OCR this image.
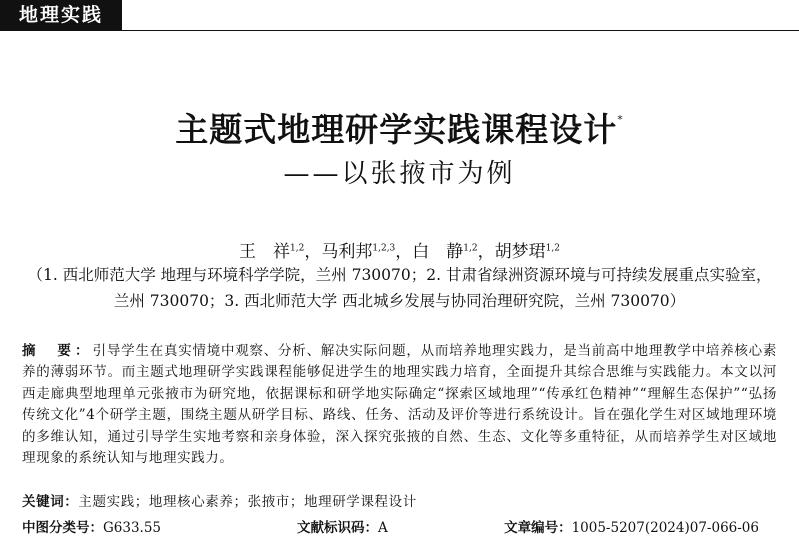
地理实践
主题式地理研学实践课程设计*
——以张掖市为例
王　祥$^{1,2}$，马利邦$^{1,2,3}$，白　静$^{1,2}$，胡梦珺$^{1,2}$
（1. 西北师范大学 地理与环境科学学院，兰州 730070；2. 甘肃省绿洲资源环境与可持续发展重点实验室，
兰州 730070；3. 西北师范大学 西北城乡发展与协同治理研究院，兰州 730070）
摘　要：引导学生在真实情境中观察、分析、解决实际问题，从而培养地理实践力，是当前高中地理教学中培养核心素养的薄弱环节。而主题式地理研学实践课程能够促进学生的地理实践力培育，全面提升其综合思维与实践能力。本文以河西走廊典型地理单元张掖市为研究地，依据课标和研学地实际确定“探索区域地理”“传承红色精神”“理解生态保护”“弘扬传统文化”4个研学主题，围绕主题从研学目标、路线、任务、活动及评价等进行系统设计。旨在强化学生对区域地理环境的多维认知，通过引导学生实地考察和亲身体验，深入探究张掖的自然、生态、文化等多重特征，从而培养学生对区域地理现象的系统认知与地理实践力。
关键词：主题实践；地理核心素养；张掖市；地理研学课程设计
中图分类号：G633.55	文献标识码：A	文章编号：1005-5207(2024)07-066-06
